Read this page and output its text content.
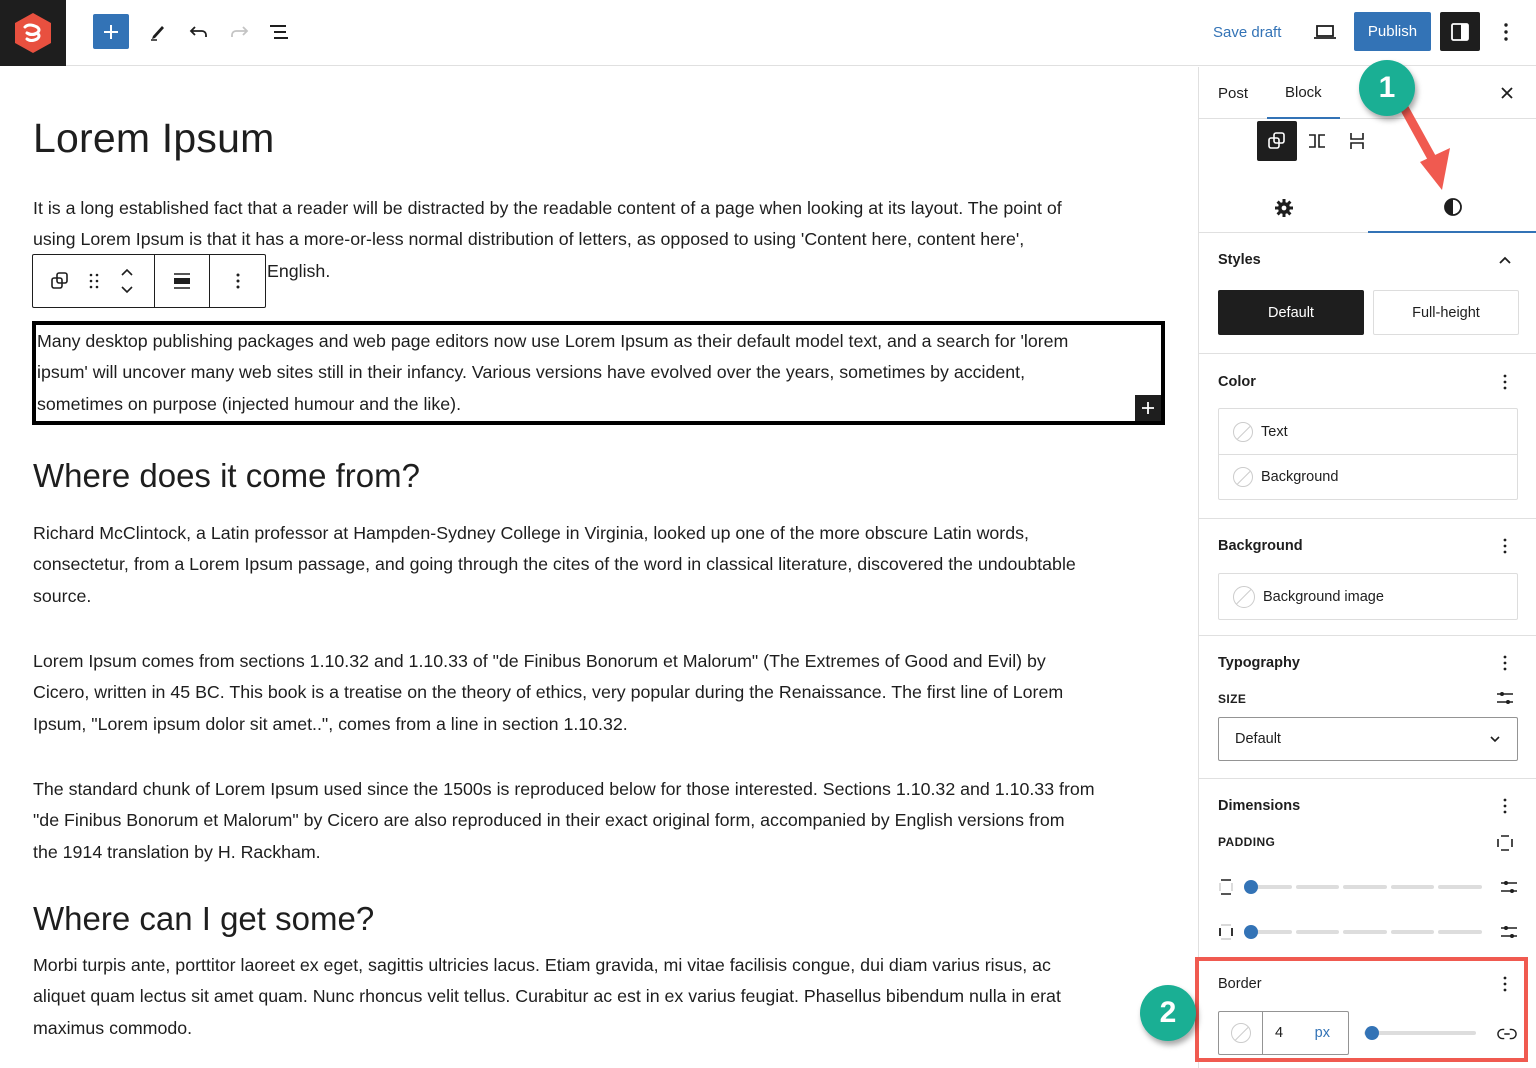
Save draft	Publish
Lorem Ipsum
It is a long established fact that a reader will be distracted by the readable content of a page when looking at its layout. The point of
using Lorem Ipsum is that it has a more-or-less normal distribution of letters, as opposed to using 'Content here, content here',
English.
Many desktop publishing packages and web page editors now use Lorem Ipsum as their default model text, and a search for 'lorem
ipsum' will uncover many web sites still in their infancy. Various versions have evolved over the years, sometimes by accident,
sometimes on purpose (injected humour and the like).
Where does it come from?
Richard McClintock, a Latin professor at Hampden-Sydney College in Virginia, looked up one of the more obscure Latin words,
consectetur, from a Lorem Ipsum passage, and going through the cites of the word in classical literature, discovered the undoubtable
source.
Lorem Ipsum comes from sections 1.10.32 and 1.10.33 of "de Finibus Bonorum et Malorum" (The Extremes of Good and Evil) by
Cicero, written in 45 BC. This book is a treatise on the theory of ethics, very popular during the Renaissance. The first line of Lorem
Ipsum, "Lorem ipsum dolor sit amet..", comes from a line in section 1.10.32.
The standard chunk of Lorem Ipsum used since the 1500s is reproduced below for those interested. Sections 1.10.32 and 1.10.33 from
"de Finibus Bonorum et Malorum" by Cicero are also reproduced in their exact original form, accompanied by English versions from
the 1914 translation by H. Rackham.
Where can I get some?
Morbi turpis ante, porttitor laoreet ex eget, sagittis ultricies lacus. Etiam gravida, mi vitae facilisis congue, dui diam varius risus, ac
aliquet quam lectus sit amet quam. Nunc rhoncus velit tellus. Curabitur ac est in ex varius feugiat. Phasellus bibendum nulla in erat
maximus commodo.
Post	Block
Styles
Default	Full-height
Color
Text
Background
Background
Background image
Typography
SIZE
Default
Dimensions
PADDING
Border
4 px
1
2
